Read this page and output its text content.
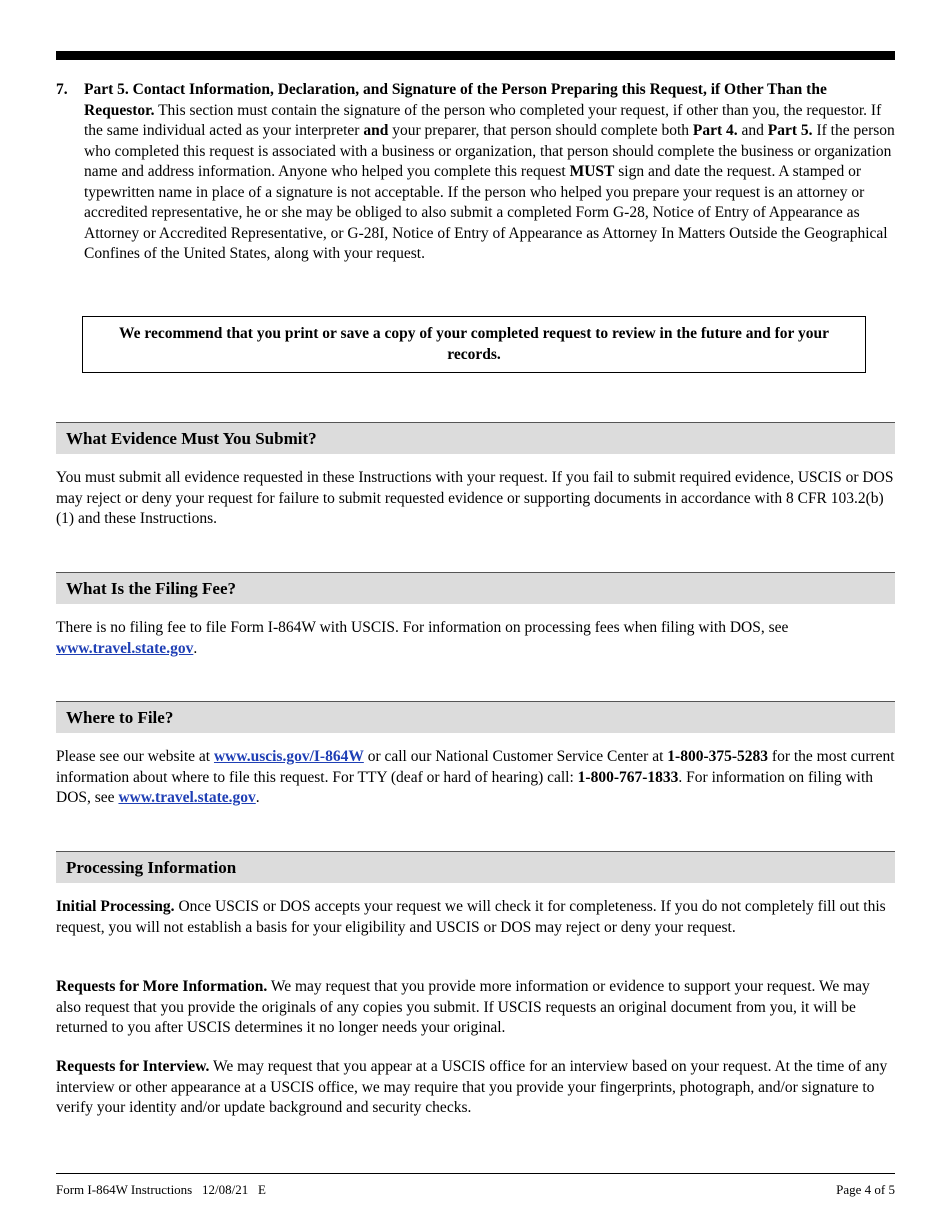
7. Part 5. Contact Information, Declaration, and Signature of the Person Preparing this Request, if Other Than the Requestor. This section must contain the signature of the person who completed your request, if other than you, the requestor. If the same individual acted as your interpreter and your preparer, that person should complete both Part 4. and Part 5. If the person who completed this request is associated with a business or organization, that person should complete the business or organization name and address information. Anyone who helped you complete this request MUST sign and date the request. A stamped or typewritten name in place of a signature is not acceptable. If the person who helped you prepare your request is an attorney or accredited representative, he or she may be obliged to also submit a completed Form G-28, Notice of Entry of Appearance as Attorney or Accredited Representative, or G-28I, Notice of Entry of Appearance as Attorney In Matters Outside the Geographical Confines of the United States, along with your request.
We recommend that you print or save a copy of your completed request to review in the future and for your records.
What Evidence Must You Submit?
You must submit all evidence requested in these Instructions with your request. If you fail to submit required evidence, USCIS or DOS may reject or deny your request for failure to submit requested evidence or supporting documents in accordance with 8 CFR 103.2(b)(1) and these Instructions.
What Is the Filing Fee?
There is no filing fee to file Form I-864W with USCIS. For information on processing fees when filing with DOS, see www.travel.state.gov.
Where to File?
Please see our website at www.uscis.gov/I-864W or call our National Customer Service Center at 1-800-375-5283 for the most current information about where to file this request. For TTY (deaf or hard of hearing) call: 1-800-767-1833. For information on filing with DOS, see www.travel.state.gov.
Processing Information
Initial Processing. Once USCIS or DOS accepts your request we will check it for completeness. If you do not completely fill out this request, you will not establish a basis for your eligibility and USCIS or DOS may reject or deny your request.
Requests for More Information. We may request that you provide more information or evidence to support your request. We may also request that you provide the originals of any copies you submit. If USCIS requests an original document from you, it will be returned to you after USCIS determines it no longer needs your original.
Requests for Interview. We may request that you appear at a USCIS office for an interview based on your request. At the time of any interview or other appearance at a USCIS office, we may require that you provide your fingerprints, photograph, and/or signature to verify your identity and/or update background and security checks.
Form I-864W Instructions   12/08/21   E	Page 4 of 5
